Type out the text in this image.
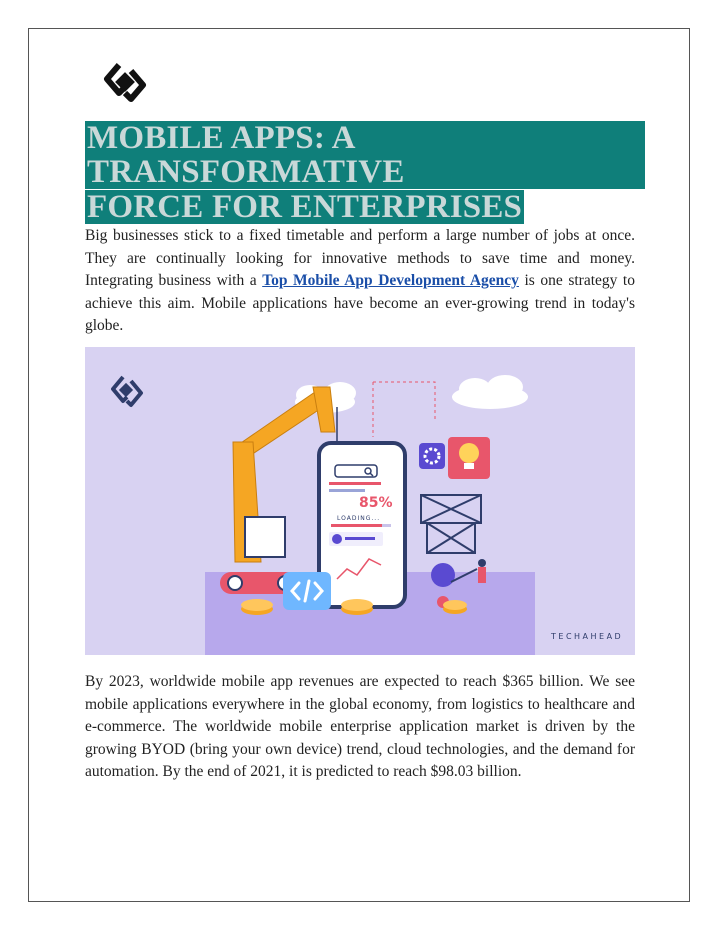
MOBILE APPS: A TRANSFORMATIVE
FORCE FOR ENTERPRISES

Big businesses stick to a fixed timetable and perform a large number of jobs at once. They are continually looking for innovative methods to save time and money. Integrating business with a Top Mobile App Development Agency is one strategy to achieve this aim. Mobile applications have become an ever-growing trend in today's globe.

85%
LOADING...
TECHAHEAD

By 2023, worldwide mobile app revenues are expected to reach $365 billion. We see mobile applications everywhere in the global economy, from logistics to healthcare and e-commerce. The worldwide mobile enterprise application market is driven by the growing BYOD (bring your own device) trend, cloud technologies, and the demand for automation. By the end of 2021, it is predicted to reach $98.03 billion.
